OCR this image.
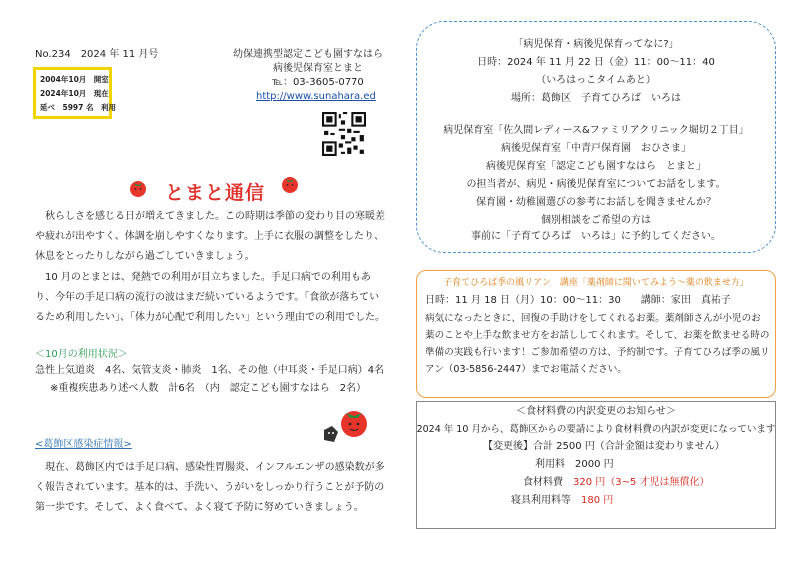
No.234　2024 年 11 月号
2004年10月　開室
2024年10月　現在
延べ　5997 名　利用
幼保連携型認定こども園すなはら
病後児保育室とまと
℡：03-3605-0770
http://www.sunahara.ed
とまと通信
　秋らしさを感じる日が増えてきました。この時期は季節の変わり目の寒暖差や疲れが出やすく、体調を崩しやすくなります。上手に衣服の調整をしたり、休息をとったりしながら過ごしていきましょう。
　10 月のとまとは、発熱での利用が目立ちました。手足口病での利用もあり、今年の手足口病の流行の波はまだ続いているようです。「食欲が落ちているため利用したい」、「体力が心配で利用したい」という理由での利用でした。
＜10月の利用状況＞
急性上気道炎　4名、気管支炎・肺炎　1名、その他（中耳炎・手足口病）4名
※重複疾患あり述べ人数　計6名　（内　認定こども園すなはら　2名）
<葛飾区感染症情報>
　現在、葛飾区内では手足口病、感染性胃腸炎、インフルエンザの感染数が多く報告されています。基本的は、手洗い、うがいをしっかり行うことが予防の第一歩です。そして、よく食べて、よく寝て予防に努めていきましょう。
「病児保育・病後児保育ってなに?」
日時：2024 年 11 月 22 日（金）11：00～11：40
（いろはっこタイムあと）
場所：葛飾区　子育てひろば　いろは
病児保育室「佐久間レディース&ファミリアクリニック堀切２丁目」
病後児保育室「中青戸保育園　おひさま」
病後児保育室「認定こども園すなはら　とまと」
の担当者が、病児・病後児保育室についてお話をします。
保育園・幼稚園選びの参考にお話しを聞きませんか？
個別相談をご希望の方は
事前に「子育てひろば　いろは」に予約してください。
子育てひろば季の風リアン　講座「薬剤師に聞いてみよう～薬の飲ませ方」
日時：11 月 18 日（月）10：00～11：30　　講師：家田　真祐子
病気になったときに、回復の手助けをしてくれるお薬。薬剤師さんが小児のお薬のことや上手な飲ませ方をお話ししてくれます。そして、お薬を飲ませる時の準備の実践も行います！ご参加希望の方は、予約制です。子育てひろば季の風リアン（03-5856-2447）までお電話ください。
＜食材料費の内訳変更のお知らせ＞
2024 年 10 月から、葛飾区からの要請により食材料費の内訳が変更になっています
【変更後】合計 2500 円（合計金額は変わりません）
利用料　2000 円
食材料費　320 円（3~5 才児は無償化）
寝具利用料等　180 円
